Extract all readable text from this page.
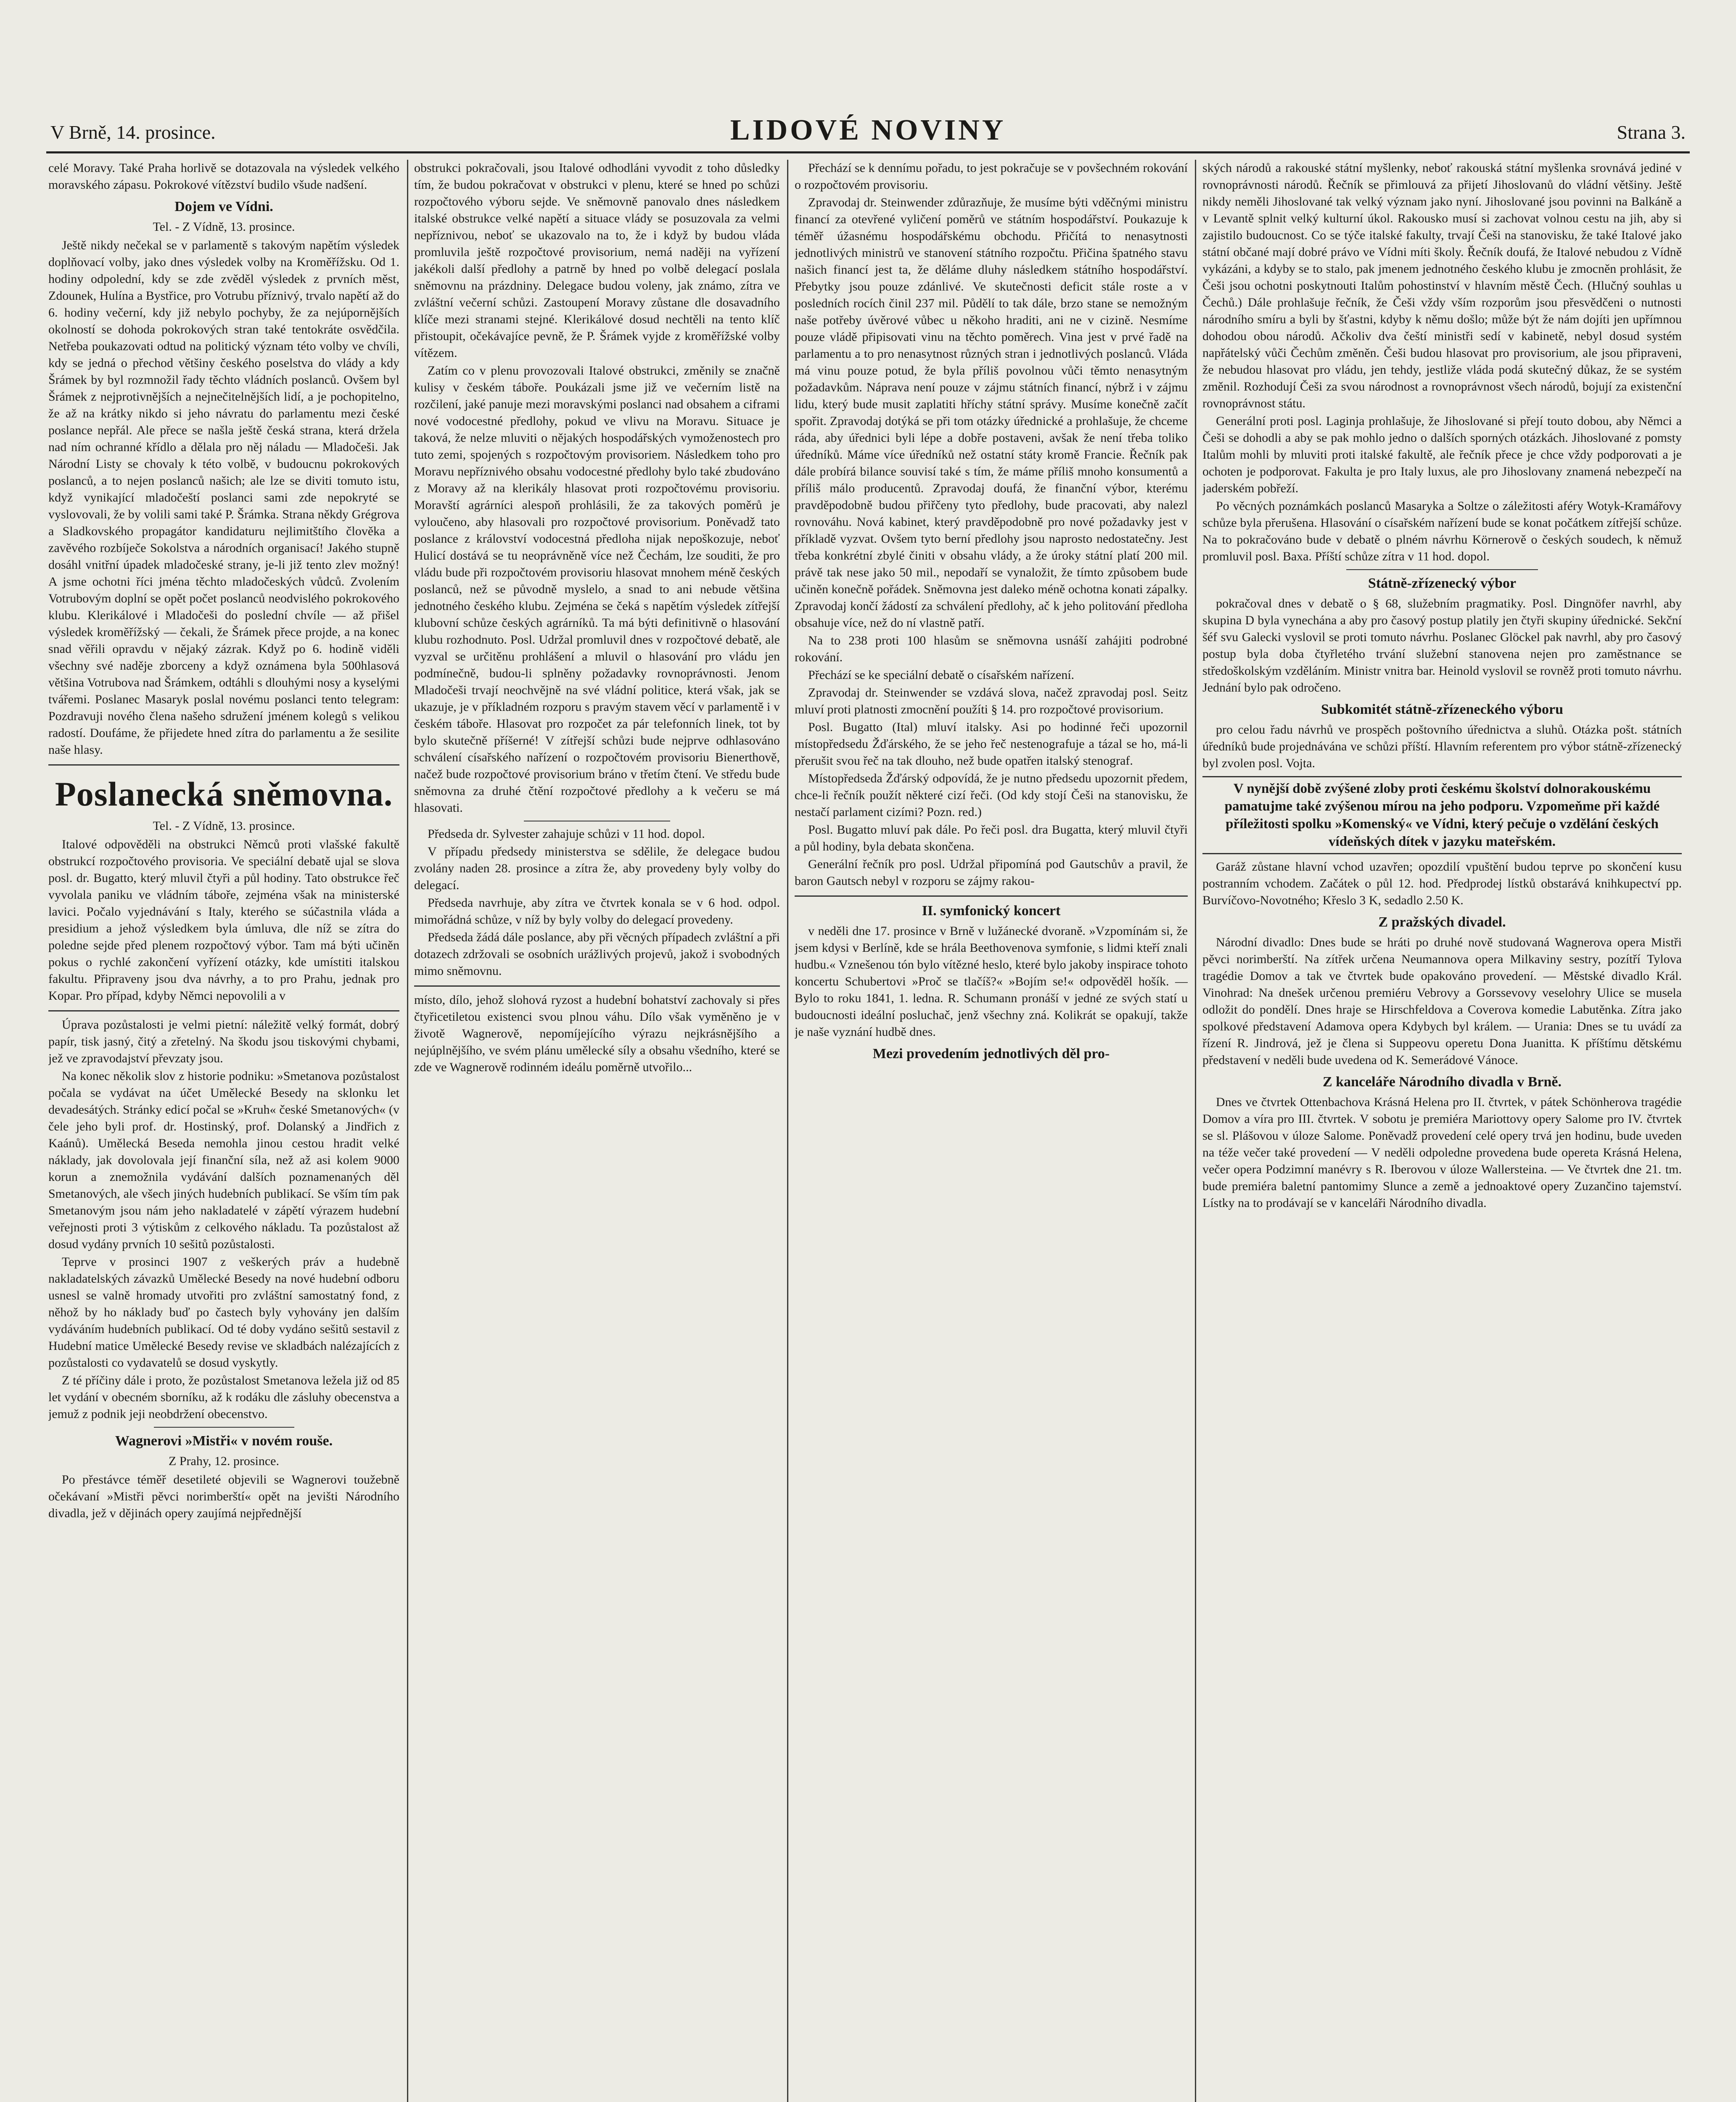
V Brně, 14. prosince.	LIDOVÉ NOVINY	Strana 3.

celé Moravy. Také Praha horlivě se dotazovala na výsledek velkého moravského zápasu. Pokrokové vítězství budilo všude nadšení.

Dojem ve Vídni.
Tel. - Z Vídně, 13. prosince.

Ještě nikdy nečekal se v parlamentě s takovým napětím výsledek doplňovací volby, jako dnes výsledek volby na Kroměřížsku. Od 1. hodiny odpolední, kdy se zde zvěděl výsledek z prvních měst, Zdounek, Hulína a Bystřice, pro Votrubu příznivý, trvalo napětí až do 6. hodiny večerní, kdy již nebylo pochyby, že za nejúpornějších okolností se dohoda pokrokových stran také tentokráte osvědčila. Netřeba poukazovati odtud na politický význam této volby ve chvíli, kdy se jedná o přechod většiny českého poselstva do vlády a kdy Šrámek by byl rozmnožil řady těchto vládních poslanců. Ovšem byl Šrámek z nejprotivnějších a nejnečitelnějších lidí, a je pochopitelno, že až na krátky nikdo si jeho návratu do parlamentu mezi české poslance nepřál. Ale přece se našla ještě česká strana, která držela nad ním ochranné křídlo a dělala pro něj náladu — Mladočeši. Jak Národní Listy se chovaly k této volbě, v budoucnu pokrokových poslanců, a to nejen poslanců našich; ale lze se diviti tomuto istu, když vynikající mladočeští poslanci sami zde nepokryté se vyslovovali, že by volili sami také P. Šrámka. Strana někdy Grégrova a Sladkovského propagátor kandidaturu nejlimitštího člověka a zavěvého rozbíječe Sokolstva a národních organisací! Jakého stupně dosáhl vnitřní úpadek mladočeské strany, je-li již tento zlev možný! A jsme ochotni říci jména těchto mladočeských vůdců. Zvolením Votrubovým doplní se opět počet poslanců neodvislého pokrokového klubu. Klerikálové i Mladočeši do poslední chvíle — až přišel výsledek kroměřížský — čekali, že Šrámek přece projde, a na konec snad věřili opravdu v nějaký zázrak. Když po 6. hodině viděli všechny své naděje zborceny a když oznámena byla 500hlasová většina Votrubova nad Šrámkem, odtáhli s dlouhými nosy a kyselými tvářemi. Poslanec Masaryk poslal novému poslanci tento telegram: Pozdravuji nového člena našeho sdružení jménem kolegů s velikou radostí. Doufáme, že přijedete hned zítra do parlamentu a že sesilite naše hlasy.

Poslanecká sněmovna.
Tel. - Z Vídně, 13. prosince.

Italové odpověděli na obstrukci Němců proti vlašské fakultě obstrukcí rozpočtového provisoria. Ve speciální debatě ujal se slova posl. dr. Bugatto, který mluvil čtyři a půl hodiny. Tato obstrukce řeč vyvolala paniku ve vládním táboře, zejména však na ministerské lavici. Počalo vyjednávání s Italy, kterého se súčastnila vláda a presidium a jehož výsledkem byla úmluva, dle níž se zítra do poledne sejde před plenem rozpočtový výbor. Tam má býti učiněn pokus o rychlé zakončení vyřízení otázky, kde umístiti italskou fakultu. Připraveny jsou dva návrhy, a to pro Prahu, jednak pro Kopar. Pro případ, kdyby Němci nepovolili a v

Úprava pozůstalosti je velmi pietní: náležitě velký formát, dobrý papír, tisk jasný, čitý a zřetelný. Na škodu jsou tiskovými chybami, jež ve zpravodajství převzaty jsou.

Na konec několik slov z historie podniku: »Smetanova pozůstalost počala se vydávat na účet Umělecké Besedy na sklonku let devadesátých. Stránky edicí počal se »Kruh« české Smetanových« (v čele jeho byli prof. dr. Hostinský, prof. Dolanský a Jindřich z Kaánů). Umělecká Beseda nemohla jinou cestou hradit velké náklady, jak dovolovala její finanční síla, než až asi kolem 9000 korun a znemožnila vydávání dalších poznamenaných děl Smetanových, ale všech jiných hudebních publikací. Se vším tím pak Smetanovým jsou nám jeho nakladatelé v zápětí výrazem hudební veřejnosti proti 3 výtiskům z celkového nákladu. Ta pozůstalost až dosud vydány prvních 10 sešitů pozůstalosti.

Teprve v prosinci 1907 z veškerých práv a hudebně nakladatelských závazků Umělecké Besedy na nové hudební odboru usnesl se valně hromady utvořiti pro zvláštní samostatný fond, z něhož by ho náklady buď po častech byly vyhovány jen dalším vydáváním hudebních publikací. Od té doby vydáno sešitů sestavil z Hudební matice Umělecké Besedy revise ve skladbách nalézajících z pozůstalosti co vydavatelů se dosud vyskytly.

Z té příčiny dále i proto, že pozůstalost Smetanova ležela již od 85 let vydání v obecném sborníku, až k rodáku dle zásluhy obecenstva a jemuž z podnik jeji neobdržení obecenstvo.

Wagnerovi »Mistři« v novém rouše.
Z Prahy, 12. prosince.

Po přestávce téměř desetileté objevili se Wagnerovi toužebně očekávaní »Mistři pěvci norimberští« opět na jevišti Národního divadla, jež v dějinách opery zaujímá nejpřednější

obstrukci pokračovali, jsou Italové odhodláni vyvodit z toho důsledky tím, že budou pokračovat v obstrukci v plenu, které se hned po schůzi rozpočtového výboru sejde. Ve sněmovně panovalo dnes následkem italské obstrukce velké napětí a situace vlády se posuzovala za velmi nepříznivou, neboť se ukazovalo na to, že i když by budou vláda promluvila ještě rozpočtové provisorium, nemá naději na vyřízení jakékoli další předlohy a patrně by hned po volbě delegací poslala sněmovnu na prázdniny. Delegace budou voleny, jak známo, zítra ve zvláštní večerní schůzi. Zastoupení Moravy zůstane dle dosavadního klíče mezi stranami stejné. Klerikálové dosud nechtěli na tento klíč přistoupit, očekávajíce pevně, že P. Šrámek vyjde z kroměřížské volby vítězem.

Zatím co v plenu provozovali Italové obstrukci, změnily se značně kulisy v českém táboře. Poukázali jsme již ve večerním listě na rozčilení, jaké panuje mezi moravskými poslanci nad obsahem a ciframi nové vodocestné předlohy, pokud ve vlivu na Moravu. Situace je taková, že nelze mluviti o nějakých hospodářských vymoženostech pro tuto zemi, spojených s rozpočtovým provisoriem. Následkem toho pro Moravu nepříznivého obsahu vodocestné předlohy bylo také zbudováno z Moravy až na klerikály hlasovat proti rozpočtovému provisoriu. Moravští agrárníci alespoň prohlásili, že za takových poměrů je vyloučeno, aby hlasovali pro rozpočtové provisorium. Poněvadž tato poslance z království vodocestná předloha nijak nepoškozuje, neboť Hulicí dostává se tu neoprávněně více než Čechám, lze souditi, že pro vládu bude při rozpočtovém provisoriu hlasovat mnohem méně českých poslanců, než se původně myslelo, a snad to ani nebude většina jednotného českého klubu. Zejména se čeká s napětím výsledek zítřejší klubovní schůze českých agrárníků. Ta má býti definitivně o hlasování klubu rozhodnuto. Posl. Udržal promluvil dnes v rozpočtové debatě, ale vyzval se určitěnu prohlášení a mluvil o hlasování pro vládu jen podmínečně, budou-li splněny požadavky rovnoprávnosti. Jenom Mladočeši trvají neochvějně na své vládní politice, která však, jak se ukazuje, je v příkladném rozporu s pravým stavem věcí v parlamentě i v českém táboře. Hlasovat pro rozpočet za pár telefonních linek, tot by bylo skutečně příšerné! V zítřejší schůzi bude nejprve odhlasováno schválení císařského nařízení o rozpočtovém provisoriu Bienerthově, načež bude rozpočtové provisorium bráno v třetím čtení. Ve středu bude sněmovna za druhé čtění rozpočtové předlohy a k večeru se má hlasovati.

Předseda dr. Sylvester zahajuje schůzi v 11 hod. dopol.

V případu předsedy ministerstva se sdělile, že delegace budou zvolány naden 28. prosince a zítra že, aby provedeny byly volby do delegací.

Předseda navrhuje, aby zítra ve čtvrtek konala se v 6 hod. odpol. mimořádná schůze, v níž by byly volby do delegací provedeny.

Předseda žádá dále poslance, aby při věcných případech zvláštní a při dotazech zdržovali se osobních urážlivých projevů, jakož i svobodných mimo sněmovnu.

místo, dílo, jehož slohová ryzost a hudební bohatství zachovaly si přes čtyřicetiletou existenci svou plnou váhu. Dílo však vyměněno je v životě Wagnerově, nepomíjejícího výrazu nejkrásnějšího a nejúplnějšího, ve svém plánu umělecké síly a obsahu všedního, které se zde ve Wagnerově rodinném ideálu poměrně utvořilo...

Přechází se k dennímu pořadu, to jest pokračuje se v povšechném rokování o rozpočtovém provisoriu.

Zpravodaj dr. Steinwender zdůrazňuje, že musíme býti vděčnými ministru financí za otevřené vyličení poměrů ve státním hospodářství. Poukazuje k téměř úžasnému hospodářskému obchodu. Přičítá to nenasytnosti jednotlivých ministrů ve stanovení státního rozpočtu. Přičina špatného stavu našich financí jest ta, že děláme dluhy následkem státního hospodářství. Přebytky jsou pouze zdánlivé. Ve skutečnosti deficit stále roste a v posledních rocích činil 237 mil. Půdělí to tak dále, brzo stane se nemožným naše potřeby úvěrové vůbec u někoho hraditi, ani ne v cizině. Nesmíme pouze vládě připisovati vinu na těchto poměrech. Vina jest v prvé řadě na parlamentu a to pro nenasytnost různých stran i jednotlivých poslanců. Vláda má vinu pouze potud, že byla příliš povolnou vůči těmto nenasytným požadavkům. Náprava není pouze v zájmu státních financí, nýbrž i v zájmu lidu, který bude musit zaplatiti hříchy státní správy. Musíme konečně začít spořit. Zpravodaj dotýká se při tom otázky úřednické a prohlašuje, že chceme ráda, aby úřednici byli lépe a dobře postaveni, avšak že není třeba toliko úředníků. Máme více úředníků než ostatní státy kromě Francie. Řečník pak dále probírá bilance souvisí také s tím, že máme příliš mnoho konsumentů a příliš málo producentů. Zpravodaj doufá, že finanční výbor, kterému pravděpodobně budou přiřčeny tyto předlohy, bude pracovati, aby nalezl rovnováhu. Nová kabinet, který pravděpodobně pro nové požadavky jest v příkladě vyzvat. Ovšem tyto berní předlohy jsou naprosto nedostatečny. Jest třeba konkrétní zbylé činiti v obsahu vlády, a že úroky státní platí 200 mil. právě tak nese jako 50 mil., nepodaří se vynaložit, že tímto způsobem bude učiněn konečně pořádek. Sněmovna jest daleko méně ochotna konati zápalky. Zpravodaj končí žádostí za schválení předlohy, ač k jeho politování předloha obsahuje více, než do ní vlastně patří.

Na to 238 proti 100 hlasům se sněmovna usnáší zahájiti podrobné rokování.

Přechází se ke speciální debatě o císařském nařízení.

Zpravodaj dr. Steinwender se vzdává slova, načež zpravodaj posl. Seitz mluví proti platnosti zmocnění použíti § 14. pro rozpočtové provisorium.

Posl. Bugatto (Ital) mluví italsky. Asi po hodinné řeči upozornil místopředsedu Žďárského, že se jeho řeč nestenografuje a tázal se ho, má-li přerušit svou řeč na tak dlouho, než bude opatřen italský stenograf.

Místopředseda Žďárský odpovídá, že je nutno předsedu upozornit předem, chce-li řečník použít některé cizí řeči. (Od kdy stojí Češi na stanovisku, že nestačí parlament cizími? Pozn. red.)

Posl. Bugatto mluví pak dále. Po řeči posl. dra Bugatta, který mluvil čtyři a půl hodiny, byla debata skončena.

Generální řečník pro posl. Udržal připomíná pod Gautschův a pravil, že baron Gautsch nebyl v rozporu se zájmy rakou-

II. symfonický koncert

v neděli dne 17. prosince v Brně v lužánecké dvoraně. »Vzpomínám si, že jsem kdysi v Berlíně, kde se hrála Beethovenova symfonie, s lidmi kteří znali hudbu.« Vznešenou tón bylo vítězné heslo, které bylo jakoby inspirace tohoto koncertu Schubertovi »Proč se tlačíš?« »Bojím se!« odpověděl hošík. — Bylo to roku 1841, 1. ledna. R. Schumann pronáší v jedné ze svých statí u budoucnosti ideální posluchač, jenž všechny zná. Kolikrát se opakují, takže je naše vyznání hudbě dnes.

Mezi provedením jednotlivých děl pro-

ských národů a rakouské státní myšlenky, neboť rakouská státní myšlenka srovnává jediné v rovnoprávnosti národů. Řečník se přimlouvá za přijetí Jihoslovanů do vládní většiny. Ještě nikdy neměli Jihoslované tak velký význam jako nyní. Jihoslované jsou povinni na Balkáně a v Levantě splnit velký kulturní úkol. Rakousko musí si zachovat volnou cestu na jih, aby si zajistilo budoucnost. Co se týče italské fakulty, trvají Češi na stanovisku, že také Italové jako státní občané mají dobré právo ve Vídni míti školy. Řečník doufá, že Italové nebudou z Vídně vykázáni, a kdyby se to stalo, pak jmenem jednotného českého klubu je zmocněn prohlásit, že Češi jsou ochotni poskytnouti Italům pohostinství v hlavním městě Čech. (Hlučný souhlas u Čechů.) Dále prohlašuje řečník, že Češi vždy vším rozporům jsou přesvědčeni o nutnosti národního smíru a byli by šťastni, kdyby k němu došlo; může být že nám dojíti jen upřímnou dohodou obou národů. Ačkoliv dva čeští ministři sedí v kabinetě, nebyl dosud systém napřátelský vůči Čechům změněn. Češi budou hlasovat pro provisorium, ale jsou připraveni, že nebudou hlasovat pro vládu, jen tehdy, jestliže vláda podá skutečný důkaz, že se systém změnil. Rozhodují Češi za svou národnost a rovnoprávnost všech národů, bojují za existenční rovnoprávnost státu.

Generální proti posl. Laginja prohlašuje, že Jihoslované si přejí touto dobou, aby Němci a Češi se dohodli a aby se pak mohlo jedno o dalších sporných otázkách. Jihoslované z pomsty Italům mohli by mluviti proti italské fakultě, ale řečník přece je chce vždy podporovati a je ochoten je podporovat. Fakulta je pro Italy luxus, ale pro Jihoslovany znamená nebezpečí na jaderském pobřeží.

Po věcných poznámkách poslanců Masaryka a Soltze o záležitosti aféry Wotyk-Kramářovy schůze byla přerušena. Hlasování o císařském nařízení bude se konat počátkem zítřejší schůze. Na to pokračováno bude v debatě o plném návrhu Körnerově o českých soudech, k němuž promluvil posl. Baxa. Příští schůze zítra v 11 hod. dopol.

Státně-zřízenecký výbor

pokračoval dnes v debatě o § 68, služebním pragmatiky. Posl. Dingnöfer navrhl, aby skupina D byla vynechána a aby pro časový postup platily jen čtyři skupiny úřednické. Sekční šéf svu Galecki vyslovil se proti tomuto návrhu. Poslanec Glöckel pak navrhl, aby pro časový postup byla doba čtyřletého trvání služební stanovena nejen pro zaměstnance se středoškolským vzděláním. Ministr vnitra bar. Heinold vyslovil se rovněž proti tomuto návrhu. Jednání bylo pak odročeno.

Subkomitét státně-zřízeneckého výboru

pro celou řadu návrhů ve prospěch poštovního úřednictva a sluhů. Otázka pošt. státních úředníků bude projednávána ve schůzi příští. Hlavním referentem pro výbor státně-zřízenecký byl zvolen posl. Vojta.

V nynější době zvýšené zloby proti českému školství dolnorakouskému pamatujme také zvýšenou mírou na jeho podporu. Vzpomeňme při každé příležitosti spolku »Komenský« ve Vídni, který pečuje o vzdělání českých vídeňských dítek v jazyku mateřském.

Garáž zůstane hlavní vchod uzavřen; opozdilí vpuštění budou teprve po skončení kusu postranním vchodem. Začátek o půl 12. hod. Předprodej lístků obstarává knihkupectví pp. Burvíčovo-Novotného; Křeslo 3 K, sedadlo 2.50 K.

Z pražských divadel.

Národní divadlo: Dnes bude se hráti po druhé nově studovaná Wagnerova opera Mistři pěvci norimberští. Na zítřek určena Neumannova opera Milkaviny sestry, pozítří Tylova tragédie Domov a tak ve čtvrtek bude opakováno provedení. — Městské divadlo Král. Vinohrad: Na dnešek určenou premiéru Vebrovy a Gorssevovy veselohry Ulice se musela odložit do pondělí. Dnes hraje se Hirschfeldova a Coverova komedie Labutěnka. Zítra jako spolkové představení Adamova opera Kdybych byl králem. — Urania: Dnes se tu uvádí za řízení R. Jindrová, jež je člena si Suppeovu operetu Dona Juanitta. K příštímu dětskému představení v neděli bude uvedena od K. Semerádové Vánoce.

Z kanceláře Národního divadla v Brně.

Dnes ve čtvrtek Ottenbachova Krásná Helena pro II. čtvrtek, v pátek Schönherova tragédie Domov a víra pro III. čtvrtek. V sobotu je premiéra Mariottovy opery Salome pro IV. čtvrtek se sl. Plášovou v úloze Salome. Poněvadž provedení celé opery trvá jen hodinu, bude uveden na téže večer také provedení — V neděli odpoledne provedena bude opereta Krásná Helena, večer opera Podzimní manévry s R. Iberovou v úloze Wallersteina. — Ve čtvrtek dne 21. tm. bude premiéra baletní pantomimy Slunce a země a jednoaktové opery Zuzančino tajemství. Lístky na to prodávají se v kanceláři Národního divadla.
